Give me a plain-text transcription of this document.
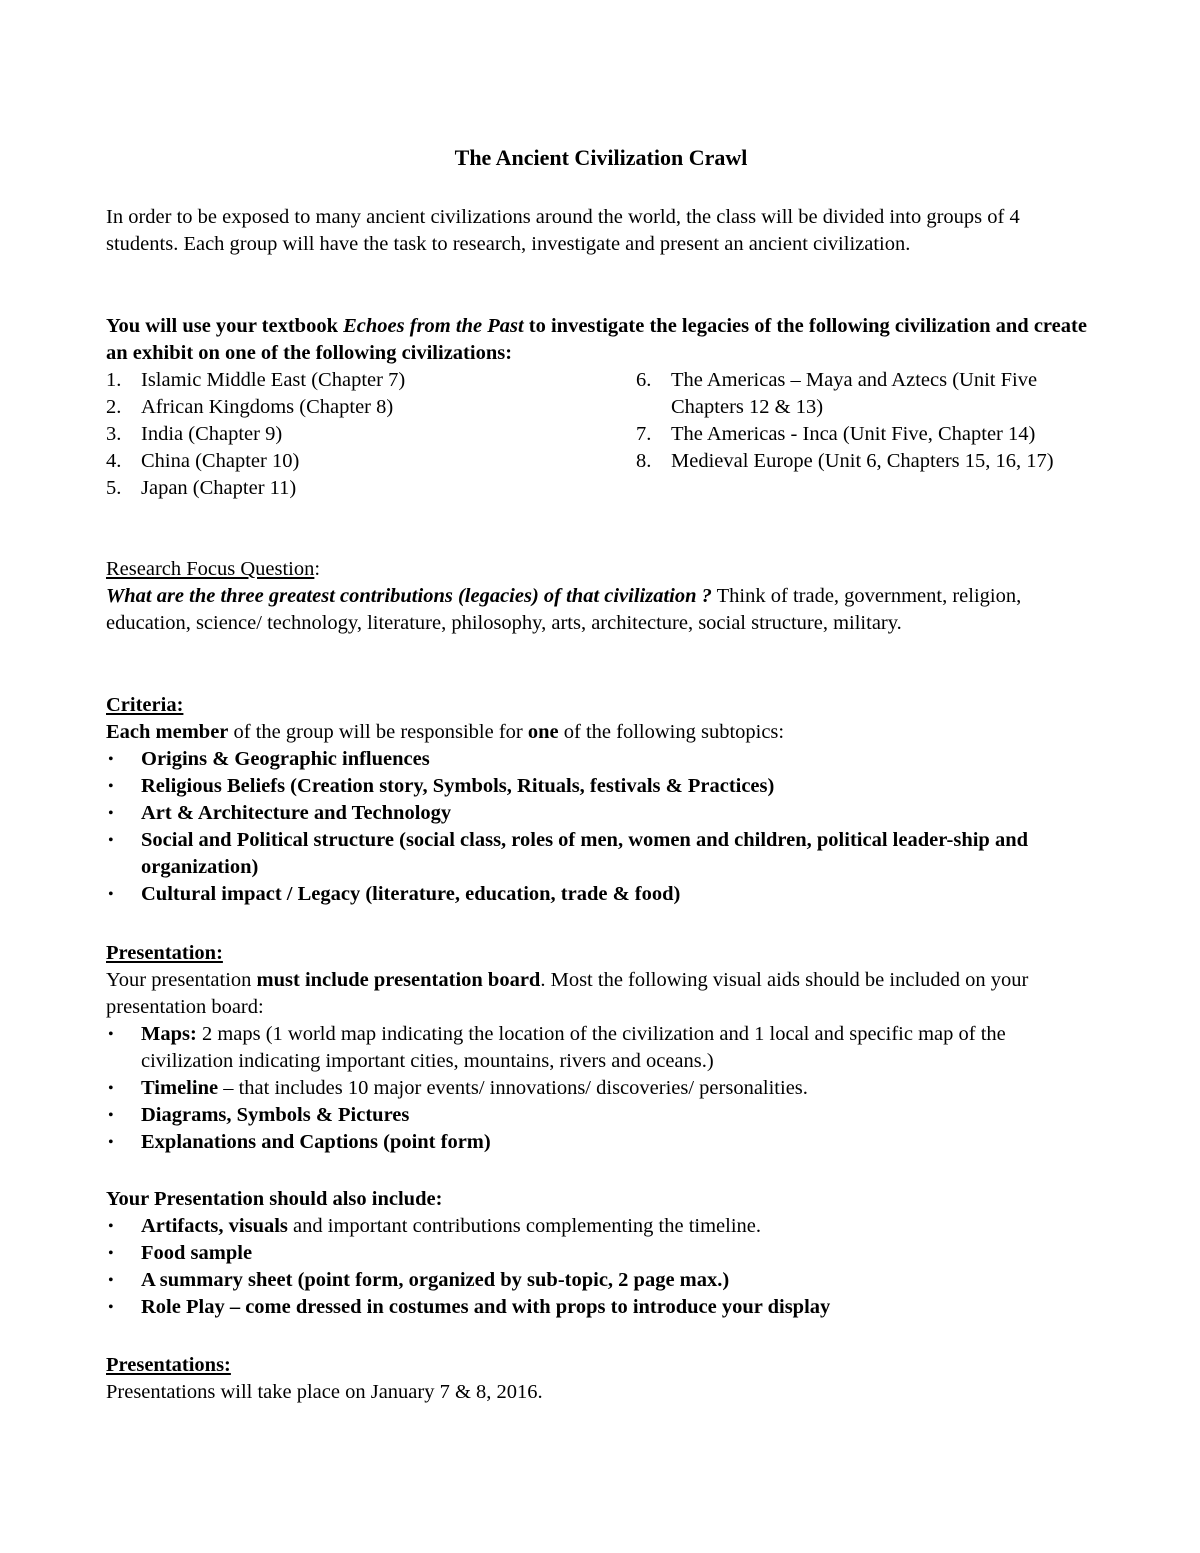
The Ancient Civilization Crawl
In order to be exposed to many ancient civilizations around the world, the class will be divided into groups of 4 students. Each group will have the task to research, investigate and present an ancient civilization.
You will use your textbook Echoes from the Past to investigate the legacies of the following civilization and create an exhibit on one of the following civilizations:
1. Islamic Middle East (Chapter 7)
2. African Kingdoms (Chapter 8)
3. India (Chapter 9)
4. China (Chapter 10)
5. Japan (Chapter 11)
6. The Americas – Maya and Aztecs (Unit Five Chapters 12 & 13)
7. The Americas - Inca (Unit Five, Chapter 14)
8. Medieval Europe (Unit 6, Chapters 15, 16, 17)
Research Focus Question:
What are the three greatest contributions (legacies) of that civilization ? Think of trade, government, religion, education, science/ technology, literature, philosophy, arts, architecture, social structure, military.
Criteria:
Each member of the group will be responsible for one of the following subtopics:
• Origins & Geographic influences
• Religious Beliefs (Creation story, Symbols, Rituals, festivals & Practices)
• Art & Architecture and Technology
• Social and Political structure (social class, roles of men, women and children, political leader-ship and organization)
• Cultural impact / Legacy (literature, education, trade & food)
Presentation:
Your presentation must include presentation board. Most the following visual aids should be included on your presentation board:
• Maps: 2 maps (1 world map indicating the location of the civilization and 1 local and specific map of the civilization indicating important cities, mountains, rivers and oceans.)
• Timeline – that includes 10 major events/ innovations/ discoveries/ personalities.
• Diagrams, Symbols & Pictures
• Explanations and Captions (point form)
Your Presentation should also include:
• Artifacts, visuals and important contributions complementing the timeline.
• Food sample
• A summary sheet (point form, organized by sub-topic, 2 page max.)
• Role Play – come dressed in costumes and with props to introduce your display
Presentations:
Presentations will take place on January 7 & 8, 2016.
